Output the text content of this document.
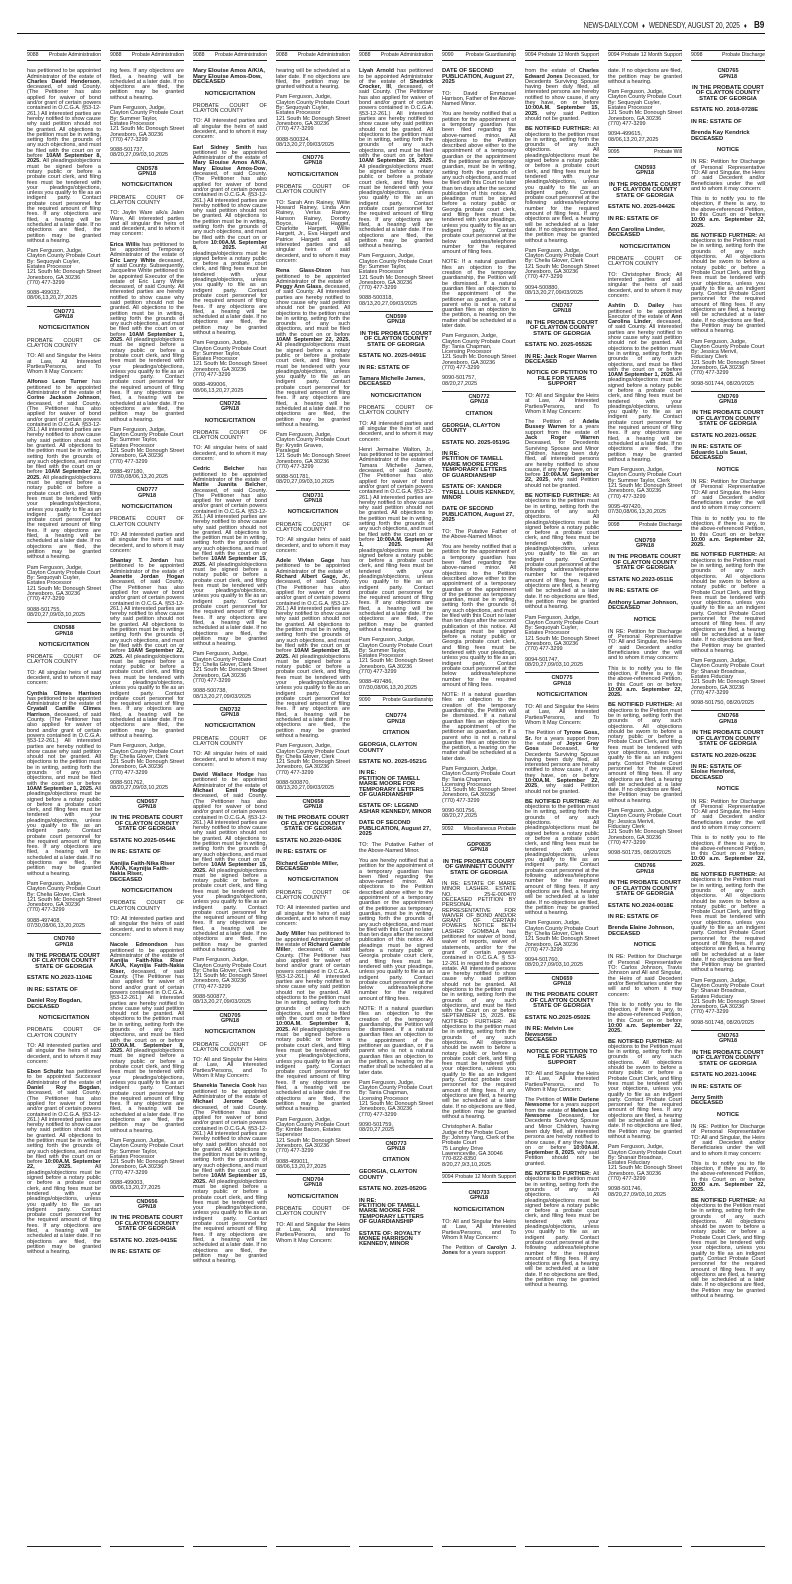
NEWS-DAILY.COM ♦ WEDNESDY, AUGUST 20, 2025 ♦ B9
9088 Probate Administration
has petitioned to be appointed Administrator of the estate of Charles David Henderson, deceased, of said County. (The Petitioner has also applied for waiver of bond and/or grant of certain powers contained in O.C.G.A. §53-12-261.) All interested parties are hereby notified to show cause why said petition should not be granted. All objections to the petition must be in writing, setting forth the grounds of any such objections, and must be filed with the court on or before 10AM September 8, 2025. All pleadings/objections must be signed before a notary public or before a probate court clerk, and filing fees must be tendered with your pleadings/objections, unless you qualify to file as an indigent party. Contact probate court personnel for the required amount of filing fees. If any objections are filed, a hearing will be scheduled at a later date. If no objections are filed, the petition may be granted without a hearing.
Pam Ferguson, Judge,
Clayton County Probate Court
By: Sequoyah Cuyler,
Estates Processor
121 South Mc Donough Street
Jonesboro, GA 30236
(770) 477-3299
9088-499032,
08/06,13,20,27,2025
CND771
GPN18
NOTICE/CITATION
PROBATE COURT OF CLAYTON COUNTY
TO: All and Singular the Heirs at Law, All Interested Parties/Persons, and To Whom It May Concern:
Alfonso Leon Turner has petitioned to be appointed Administrator of the estate of Corine Jackson Johnson, deceased, of said County. (The Petitioner has also applied for waiver of bond and/or grant of certain powers contained in O.C.G.A. §53-12-261.) All interested parties are hereby notified to show cause why said petition should not be granted. All objections to the petition must be in writing, setting forth the grounds of any such objections, and must be filed with the court on or before 10AM September 22, 2025. All pleadings/objections must be signed before a notary public or before a probate court clerk, and filing fees must be tendered with your pleadings/objections, unless you qualify to file as an indigent party. Contact probate court personnel for the required amount of filing fees. If any objections are filed, a hearing will be scheduled at a later date. If no objections are filed, the petition may be granted without a hearing.
Pam Ferguson, Judge,
Clayton County Probate Court
By: Sequoyah Cuyler,
Estates Processor
121 South Mc Donough Street
Jonesboro, GA 30236
(770) 477-3299
9088-501755,
08/20,27,09/03,10,2025
CND588
GPN18
NOTICE/CITATION
PROBATE COURT OF CLAYTON COUNTY
TO: All singular heirs of said decedent, and to whom it may concern:
Cynthia Climes Harrison has petitioned to be appointed Administrator of the estate of Cryatall Camille Climes Harrison, deceased, of said County. (The Petitioner has also applied for waiver of bond and/or grant of certain powers contained in O.C.G.A. §53-12-261.) All interested parties are hereby notified to show cause why said petition should not be granted. All objections to the petition must be in writing, setting forth the grounds of any such objections, and must be filed with the court on or before 10AM September 1, 2025. All pleadings/objections must be signed before a notary public or before a probate court clerk, and filing fees must be tendered with your pleadings/objections, unless you qualify to file as an indigent party. Contact probate court personnel for the required amount of filing fees. If any objections are filed, a hearing will be scheduled at a later date. If no objections are filed, the petition may be granted without a hearing.
Pam Ferguson, Judge,
Clayton County Probate Court
By: Chelia Glover, Clerk
121 South Mc Donough Street
Jonesboro, GA 30236
(770) 477-3299
9088-497408,
07/30,08/06,13,20,2025
CND760
GPN18
IN THE PROBATE COURT OF CLAYTON COUNTY
STATE OF GEORGIA
ESTATE NO.2023-1104E
IN RE: ESTATE OF
Daniel Roy Bogdan,
DECEASED
NOTICE/CITATION
PROBATE COURT OF CLAYTON COUNTY
TO: All interested parties and all singular the heirs of said decedent, and to whom it may concern:
Ebon Schultz has petitioned to be appointed Successor Administrator of the estate of Daniel Roy Bogdan, deceased, of said County. (The Petitioner has also applied for waiver of bond and/or grant of certain powers contained in O.C.G.A. §53-12-261.) All interested parties are hereby notified to show cause why said petition should not be granted. All objections to the petition must be in writing, setting forth the grounds of any such objections, and must be filed with the court on or before 10:00A.M. September 22, 2025. All pleadings/objections must be signed before a notary public or before a probate court clerk, and filing fees must be tendered with your pleadings/objections, unless you qualify to file as an indigent party. Contact probate court personnel for the required amount of filing fees. If any objections are filed, a hearing will be scheduled at a later date. If no objections are filed, the petition may be granted without a hearing.
9088 Probate Administration
ing fees. If any objections are filed, a hearing will be scheduled at a later date. If no objections are filed, the petition may be granted without a hearing.
Pam Ferguson, Judge,
Clayton County Probate Court
By: Summer Taylor,
Estates Processor
121 South Mc Donough Street
Jonesboro, GA 30236
(770) 477-3299
9088-501737,
08/20,27,09/03,10,2025
CND578
GPN18
NOTICE/CITATION
PROBATE COURT OF CLAYTON COUNTY
TO: Jaylin Ware a/k/a Jalen Ware, All interested parties and all singular the heirs of said decedent, and to whom it may concern:
Erica Willis has petitioned to be appointed Temporary Administrator of the estate of Eric Larry White deceased, of said County. Subsequently, Jacqueline White petitioned to be appointed Executor of the estate of Eric Larry White deceased, of said County. All interested parties are hereby notified to show cause why said petition should not be granted. All objections to the petition must be in writing, setting forth the grounds of any such objections, and must be filed with the court on or before 10AM September 1, 2025. All pleadings/objections must be signed before a notary public or before a probate court clerk, and filing fees must be tendered with your pleadings/objections, unless you qualify to file as an indigent party. Contact probate court personnel for the required amount of filing fees. If any objections are filed, a hearing will be scheduled at a later date. If no objections are filed, the petition may be granted without a hearing.
Pam Ferguson, Judge,
Clayton County Probate Court
By: Summer Taylor,
Estates Processor
121 South Mc Donough Street
Jonesboro, GA 30236
(770) 477-3299
9088-497180,
07/30,08/06,13,20,2025
CND777
GPN18
NOTICE/CITATION
PROBATE COURT OF CLAYTON COUNTY
TO: All interested parties and all singular the heirs of said decedent, and to whom it may concern:
Shantay T. Jordan has petitioned to be appointed Administrator of the estate of Jeanette Jordan Hogan deceased, of said County. (The Petitioner has also applied for waiver of bond and/or grant of certain powers contained in O.C.G.A. §53-12-261.) All interested parties are hereby notified to show cause why said petition should not be granted. All objections to the petition must be in writing, setting forth the grounds of any such objections, and must be filed with the court on or before 10AM September 22, 2025. All pleadings/objections must be signed before a notary public or before a probate court clerk, and filing fees must be tendered with your pleadings/objections, unless you qualify to file as an indigent party. Contact probate court personnel for the required amount of filing fees. If any objections are filed, a hearing will be scheduled at a later date. If no objections are filed, the petition may be granted without a hearing.
Pam Ferguson, Judge,
Clayton County Probate Court
By: Chelia Glover, Clerk
121 South Mc Donough Street
Jonesboro, GA 30236
(770) 477-3299
9088-501762,
08/20,27,09/03,10,2025
CND657
GPN18
IN THE PROBATE COURT OF CLAYTON COUNTY
STATE OF GEORGIA
ESTATE NO.2025-0544E
IN RE: ESTATE OF
Kanijia Faith-Nika Riser A/K/A, Kaynijia Faith-Nakia Riser,
DECEASED
NOTICE/CITATION
PROBATE COURT OF CLAYTON COUNTY
TO: All interested parties and all singular the heirs of said decedent, and to whom it may concern:
Nacole Edmondson has petitioned to be appointed Administrator of the estate of Kanijia Faith-Nika Riser A/K/A, Kaynijia Faith-Nakia Riser, deceased, of said County. (The Petitioner has also applied for waiver of bond and/or grant of certain powers contained in O.C.G.A. §53-12-261.) All interested parties are hereby notified to show cause why said petition should not be granted. All objections to the petition must be in writing, setting forth the grounds of any such objections, and must be filed with the court on or before 10:00A.M. September 8, 2025. All pleadings/objections must be signed before a notary public or before a probate court clerk, and filing fees must be tendered with your pleadings/objections, unless you qualify to file as an indigent party. Contact probate court personnel for the required amount of filing fees. If any objections are filed, a hearing will be scheduled at a later date. If no objections are filed, the petition may be granted without a hearing.
Pam Ferguson, Judge,
Clayton County Probate Court
By: Summer Taylor,
Estates Processor
121 South Mc Donough Street
Jonesboro, GA 30236
(770) 477-3299
9088-499003,
08/06,13,20,27,2025
CND656
GPN18
IN THE PROBATE COURT OF CLAYTON COUNTY
STATE OF GEORGIA
ESTATE NO. 2025-0415E
IN RE: ESTATE OF
9088 Probate Administration
Mary Elouise Amos A/K/A, Mary Elouise Amos-Dow,
DECEASED
NOTICE/CITATION
PROBATE COURT OF CLAYTON COUNTY
TO: All interested parties and all singular the heirs of said decedent, and to whom it may concern:
Earl Sidney Smith has petitioned to be appointed Administrator of the estate of Mary Elouise Amos A/K/A, Mary Elouise Amos-Dow, deceased, of said County. (The Petitioner has also applied for waiver of bond and/or grant of certain powers contained in O.C.G.A. §53-12-261.) All interested parties are hereby notified to show cause why said petition should not be granted. All objections to the petition must be in writing, setting forth the grounds of any such objections, and must be filed with the court on or before 10:00A.M. September 8, 2025. All pleadings/objections must be signed before a notary public or before a probate court clerk, and filing fees must be tendered with your pleadings/objections, unless you qualify to file as an indigent party. Contact probate court personnel for the required amount of filing fees. If any objections are filed, a hearing will be scheduled at a later date. If no objections are filed, the petition may be granted without a hearing.
Pam Ferguson, Judge,
Clayton County Probate Court
By: Summer Taylor,
Estates Processor
121 South Mc Donough Street
Jonesboro, GA 30236
(770) 477-3299
9088-499006,
08/06,13,20,27,2025
CND726
GPN18
NOTICE/CITATION
PROBATE COURT OF CLAYTON COUNTY
TO: All singular heirs of said decedent, and to whom it may concern:
Cedric Belcher has petitioned to be appointed Administrator of the estate of Mattie Juanita Belcher, deceased, of said County. (The Petitioner has also applied for waiver of bond and/or grant of certain powers contained in O.C.G.A. §53-12-261.) All interested parties are hereby notified to show cause why said petition should not be granted. All objections to the petition must be in writing, setting forth the grounds of any such objections, and must be filed with the court on or before 10AM September 15, 2025. All pleadings/objections must be signed before a notary public or before a probate court clerk, and filing fees must be tendered with your pleadings/objections, unless you qualify to file as an indigent party. Contact probate court personnel for the required amount of filing fees. If any objections are filed, a hearing will be scheduled at a later date. If no objections are filed, the petition may be granted without a hearing.
Pam Ferguson, Judge,
Clayton County Probate Court
By: Chelia Glover, Clerk
121 South Mc Donough Street
Jonesboro, GA 30236
(770) 477-3299
9088-500738,
08/13,20,27,09/03/2025
CND732
GPN18
NOTICE/CITATION
PROBATE COURT OF CLAYTON COUNTY
TO: All singular heirs of said decedent, and to whom it may concern:
David Wallace Hodge has petitioned to be appointed Administrator of the estate of Michael Emil Hodge deceased, of said County. (The Petitioner has also applied for waiver of bond and/or grant of certain powers contained in O.C.G.A. §53-12-261.) All interested parties are hereby notified to show cause why said petition should not be granted. All objections to the petition must be in writing, setting forth the grounds of any such objections, and must be filed with the court on or before 10AM September 15, 2025. All pleadings/objections must be signed before a notary public or before a probate court clerk, and filing fees must be tendered with your pleadings/objections, unless you qualify to file as an indigent party. Contact probate court personnel for the required amount of filing fees. If any objections are filed, a hearing will be scheduled at a later date. If no objections are filed, the petition may be granted without a hearing.
Pam Ferguson, Judge,
Clayton County Probate Court
By: Chelia Glover, Clerk
121 South Mc Donough Street
Jonesboro, GA 30236
(770) 477-3299
9088-500877,
08/13,20,27,09/03/2025
CND705
GPN18
NOTICE/CITATION
PROBATE COURT OF CLAYTON COUNTY
TO: All and Singular the Heirs at Law, All Interested Parties/Persons, and To Whom It May Concern:
Shanekia Tanecia Cook has petitioned to be appointed Administrator of the estate of Michael Jerome Cook deceased, of said County. (The Petitioner has also applied for waiver of bond and/or grant of certain powers contained in O.C.G.A. §53-12-261.) All interested parties are hereby notified to show cause why said petition should not be granted. All objections to the petition must be in writing, setting forth the grounds of any such objections, and must be filed with the court on or before 10AM September 15, 2025. All pleadings/objections must be signed before a notary public or before a probate court clerk, and filing fees must be tendered with your pleadings/objections, unless you qualify to file as an indigent party. Contact probate court personnel for the required amount of filing fees. If any objections are filed, a hearing will be scheduled at a later date. If no objections are filed, the petition may be granted without a hearing.
9088 Probate Administration
hearing will be scheduled at a later date. If no objections are filed, the petition may be granted without a hearing.
Pam Ferguson, Judge,
Clayton County Probate Court
By: Sequoyah Cuyler,
Estates Processor
121 South Mc Donough Street
Jonesboro, GA 30236
(770) 477-3299
9088-500324,
08/13,20,27,09/03/2025
CND776
GPN18
NOTICE/CITATION
PROBATE COURT OF CLAYTON COUNTY
TO: Sarah Ann Rainey, Willie Howard Rainey, Linda Ann Rainey, Verius Rainey, Hanson Rainey, Dorothy Boyce, Hazel Hagget, Charlotte Hargett, Willie Hargett, Jr., Eva Hargett and Patrice Hargett and all interested parties and all singular heirs of said decedent, and to whom it may concern:
Rena Glass-Dixon has petitioned to be appointed Administrator of the estate of Peggy Ann Glass, deceased, of said County. All interested parties are hereby notified to show cause why said petition should not be granted. All objections to the petition must be in writing, setting forth the grounds of any such objections, and must be filed with the court on or before 10AM September 22, 2025. All pleadings/objections must be signed before a notary public or before a probate court clerk, and filing fees must be tendered with your pleadings/objections, unless you qualify to file as an indigent party. Contact probate court personnel for the required amount of filing fees. If any objections are filed, a hearing will be scheduled at a later date. If no objections are filed, the petition may be granted without a hearing.
Pam Ferguson, Judge,
Clayton County Probate Court
By: Krystin Graves,
Paralegal
121 South Mc Donough Street
Jonesboro, GA 30236
(770) 477-3299
9088-501781,
08/20,27,09/03,10,2025
CND731
GPN18
NOTICE/CITATION
PROBATE COURT OF CLAYTON COUNTY
TO: All singular heirs of said decedent, and to whom it may concern:
Adele Vivian Gage has petitioned to be appointed Administrator of the estate of Richard Albert Gage, Jr., deceased, of said County. (The Petitioner has also applied for waiver of bond and/or grant of certain powers contained in O.C.G.A. §53-12-261.) All interested parties are hereby notified to show cause why said petition should not be granted. All objections to the petition must be in writing, setting forth the grounds of any such objections, and must be filed with the court on or before 10AM September 15, 2025. All pleadings/objections must be signed before a notary public or before a probate court clerk, and filing fees must be tendered with your pleadings/objections, unless you qualify to file as an indigent party. Contact probate court personnel for the required amount of filing fees. If any objections are filed, a hearing will be scheduled at a later date. If no objections are filed, the petition may be granted without a hearing.
Pam Ferguson, Judge,
Clayton County Probate Court
By: Chelia Glover, Clerk
121 South Mc Donough Street
Jonesboro, GA 30236
(770) 477-3299
9088-500870,
08/13,20,27,09/03/2025
CND658
GPN18
IN THE PROBATE COURT OF CLAYTON COUNTY
STATE OF GEORGIA
ESTATE NO.2020-0430E
IN RE: ESTATE OF
Richard Gamble Miller,
DECEASED
NOTICE/CITATION
PROBATE COURT OF CLAYTON COUNTY
TO: All interested parties and all singular the heirs of said decedent, and to whom it may concern:
Judy Miller has petitioned to be appointed Administrator of the estate of Richard Gamble Miller, deceased, of said County. (The Petitioner has also applied for waiver of bond and/or grant of certain powers contained in O.C.G.A. §53-12-261.) All interested parties are hereby notified to show cause why said petition should not be granted. All objections to the petition must be in writing, setting forth the grounds of any such objections, and must be filed with the court on or before 10:00A.M. September 8, 2025. All pleadings/objections must be signed before a notary public or before a probate court clerk, and filing fees must be tendered with your pleadings/objections, unless you qualify to file as an indigent party. Contact probate court personnel for the required amount of filing fees. If any objections are filed, a hearing will be scheduled at a later date. If no objections are filed, the petition may be granted without a hearing.
Pam Ferguson, Judge,
Clayton County Probate Court
By: Kimble Bacon, Estates Supervisor
121 South Mc Donough Street
Jonesboro, GA 30236
(770) 477-3299
9088-499011,
08/06,13,20,27,2025
CND704
GPN18
NOTICE/CITATION
PROBATE COURT OF CLAYTON COUNTY
TO: All and Singular the Heirs at Law, All Interested Parties/Persons, and To Whom It May Concern:
9088 Probate Administration
Liyah Arnold has petitioned to be appointed Administrator of the estate of Shedrick Crocker, III, deceased, of said County. (The Petitioner has also applied for waiver of bond and/or grant of certain powers contained in O.C.G.A. §53-12-261.) All interested parties are hereby notified to show cause why said petition should not be granted. All objections to the petition must be in writing, setting forth the grounds of any such objections, and must be filed with the court on or before 10AM September 15, 2025. All pleadings/objections must be signed before a notary public or before a probate court clerk, and filing fees must be tendered with your pleadings/objections, unless you qualify to file as an indigent party. Contact probate court personnel for the required amount of filing fees. If any objections are filed, a hearing will be scheduled at a later date. If no objections are filed, the petition may be granted without a hearing.
Pam Ferguson, Judge,
Clayton County Probate Court
By: Summer Taylor,
Estates Processor
121 South Mc Donough Street
Jonesboro, GA 30236
(770) 477-3299
9088-500318,
08/13,20,27,09/03/2025
CND599
GPN18
IN THE PROBATE COURT OF CLAYTON COUNTY
STATE OF GEORGIA
ESTATE NO. 2025-0491E
IN RE: ESTATE OF
Tamara Michelle James,
DECEASED
NOTICE/CITATION
PROBATE COURT OF CLAYTON COUNTY
TO: All interested parties and all singular the heirs of said decedent, and to whom it may concern:
Henri Jermaine Walton, Jr., has petitioned to be appointed Administrator of the estate of Tamara Michelle James, deceased, of said County. (The Petitioner has also applied for waiver of bond and/or grant of certain powers contained in O.C.G.A. §53-12-261.) All interested parties are hereby notified to show cause why said petition should not be granted. All objections to the petition must be in writing, setting forth the grounds of any such objections, and must be filed with the court on or before 10:00A.M. September 1, 2025. All pleadings/objections must be signed before a notary public or before a probate court clerk, and filing fees must be tendered with your pleadings/objections, unless you qualify to file as an indigent party. Contact probate court personnel for the required amount of filing fees. If any objections are filed, a hearing will be scheduled at a later date. If no objections are filed, the petition may be granted without a hearing.
Pam Ferguson, Judge,
Clayton County Probate Court
By: Summer Taylor,
Estates Processor
121 South Mc Donough Street
Jonesboro, GA 30236
(770) 477-3299
9088-497486,
07/30,08/06,13,20,2025
9090 Probate Guardianship
CND774
GPN18
CITATION
GEORGIA, CLAYTON COUNTY
ESTATE NO. 2025-0521G
IN RE:
PETITION OF TAMELL MARIE MOORE FOR TEMPORARY LETTERS OF GUARDIANSHIP
ESTATE OF: LEGEND ASHAR KENNEDY, MINOR
DATE OF SECOND PUBLICATION, August 27, 2025
TO: The Putative Father of the Above-Named Minor.
You are hereby notified that a petition for the appointment of a temporary guardian has been filed regarding the above-named minor. All objections to the Petition described above either to the appointment of a temporary guardian or the appointment of the petitioner as temporary guardian, must be in writing, setting forth the grounds of any such objections, and must be filed with this Court no later than ten days after the second publication of this notice. All pleadings must be signed before a notary public or Georgia probate court clerk, and filing fees must be tendered with your pleadings, unless you qualify to file as an indigent party. Contact probate court personnel at the below address/telephone number for the required amount of filing fees.
NOTE: If a natural guardian files an objection to the creation of the temporary guardianship, the Petition will be dismissed. If a natural guardian files an objection to the appointment of the petitioner as guardian, or if a parent who is not a natural guardian files an objection to the petition, a hearing on the matter shall be scheduled at a later date.
Pam Ferguson, Judge,
Clayton County Probate Court
By: Tania Chapman,
Licensing Processor
121 South Mc Donough Street
Jonesboro, GA 30236
(770) 477-3299
9090-501759,
08/20,27,2025
CND773
GPN18
CITATION
GEORGIA, CLAYTON COUNTY
ESTATE NO. 2025-0520G
IN RE:
PETITION OF TAMELL MARIE MOORE FOR TEMPORARY LETTERS OF GUARDIANSHIP
ESTATE OF: ROYALTY MONEE HARRISON KENNEDY, MINOR
9090 Probate Guardianship
DATE OF SECOND PUBLICATION, August 27, 2025
TO: David Emmanuel Harrison, Father of the Above-Named Minor.
You are hereby notified that a petition for the appointment of a temporary guardian has been filed regarding the above-named minor. All objections to the Petition described above either to the appointment of a temporary guardian or the appointment of the petitioner as temporary guardian, must be in writing, setting forth the grounds of any such objections, and must be filed with this Court no later than ten days after the second publication of this notice. All pleadings must be signed before a notary public or Georgia probate court clerk, and filing fees must be tendered with your pleadings, unless you qualify to file as an indigent party. Contact probate court personnel at the below address/telephone number for the required amount of filing fees.
NOTE: If a natural guardian files an objection to the creation of the temporary guardianship, the Petition will be dismissed. If a natural guardian files an objection to the appointment of the petitioner as guardian, or if a parent who is not a natural guardian files an objection to the petition, a hearing on the matter shall be scheduled at a later date.
Pam Ferguson, Judge,
Clayton County Probate Court
By: Tania Chapman,
Licensing Processor
121 South Mc Donough Street
Jonesboro, GA 30236
(770) 477-3299
9090-501757,
08/20,27,2025
CND772
GPN18
CITATION
GEORGIA, CLAYTON COUNTY
ESTATE NO. 2025-0519G
IN RE:
PETITION OF TAMELL MARIE MOORE FOR TEMPORARY LETTERS OF GUARDIANSHIP
ESTATE OF: XANDER TYRELL LOUIS KENNEDY, MINOR
DATE OF SECOND PUBLICATION, August 27, 2025
TO: The Putative Father of the Above-Named Minor.
You are hereby notified that a petition for the appointment of a temporary guardian has been filed regarding the above-named minor. All objections to the Petition described above either to the appointment of a temporary guardian or the appointment of the petitioner as temporary guardian, must be in writing, setting forth the grounds of any such objections, and must be filed with this Court no later than ten days after the second publication of this notice. All pleadings must be signed before a notary public or Georgia probate court clerk, and filing fees must be tendered with your pleadings, unless you qualify to file as an indigent party. Contact probate court personnel at the below address/telephone number for the required amount of filing fees.
NOTE: If a natural guardian files an objection to the creation of the temporary guardianship, the Petition will be dismissed. If a natural guardian files an objection to the appointment of the petitioner as guardian, or if a parent who is not a natural guardian files an objection to the petition, a hearing on the matter shall be scheduled at a later date.
Pam Ferguson, Judge,
Clayton County Probate Court
By: Tania Chapman,
Licensing Processor
121 South Mc Donough Street
Jonesboro, GA 30236
(770) 477-3299
9090-501756,
08/20,27,2025
9092 Miscellaneous Probate
GDP0835
GPN18
IN THE PROBATE COURT OF GWINNETT COUNTY
STATE OF GEORGIA
IN RE: ESTATE OF MARIE MINOR LASHER. ESTATE NO. 25-E-000470 DECEASED PETITION BY PERSONAL REPRESENTATIVE FOR WAIVER OF BOND AND/OR GRANT OF CERTAIN POWERS NOTICE BETH LASHER GOMBALA has petitioned for waiver of bond, waiver of reports, waiver of statements, and/or for the grant of certain powers contained in O.C.G.A. § 53-12-261 in regard to the above estate. All interested persons are hereby notified to show cause why said petition should not be granted. All objections to the petition must be in writing, setting forth the grounds of any such objections, and must be filed with the Court on or before SEPTEMBER 15, 2025. BE NOTIFIED FURTHER: All objections to the petition must be in writing, setting forth the grounds of any such objections. All objections should be sworn to before a notary public or before a probate court clerk, and filing fees must be tendered with your objections, unless you qualify to file as an indigent party. Contact probate court personnel for the required amount of filing fees. If any objections are filed, a hearing will be scheduled at a later date. If no objections are filed, the petition may be granted without a hearing.
Christopher A. Ballar
Judge of the Probate Court
By: Johnny Yang, Clerk of the Probate Court
75 Langley Drive
Lawrenceville, GA 30046
770-822-8350
8/20,27,9/3,10,2025
9094 Probate 12 Month Support
CND733
GPN18
NOTICE/CITATION
TO: All and Singular the Heirs at Law, All Interested Parties/Persons, and To Whom It May Concern:
The Petition of Carolyn J. Jones for a years support
9094 Probate 12 Month Support
from the estate of Charles Edward Jones Deceased, for Decedents Surviving Spouse having been duly filed, all interested persons are hereby notified to show cause, if any they have, on or before 10:00A.M. September 15, 2025, why said Petition should not be granted.
BE NOTIFIED FURTHER: All objections to the petition must be in writing, setting forth the grounds of any such objections. All pleadings/objections must be signed before a notary public or before a probate court clerk, and filing fees must be tendered with your pleadings/objections, unless you qualify to file as an indigent party. Contact probate court personnel at the following address/telephone number for the required amount of filing fees. If any objections are filed, a hearing will be scheduled at a later date. If no objections are filed, the petition may be granted without a hearing.
Pam Ferguson, Judge,
Clayton County Probate Court
By: Chelia Glover, Clerk
121 South Mc Donough Street
Jonesboro, GA 30236
(770) 477-3299
9094-500880,
08/13,20,27,09/03/2025
CND767
GPN18
IN THE PROBATE COURT OF CLAYTON COUNTY
STATE OF GEORGIA
ESTATE NO. 2025-0552E
IN RE: Jack Roger Warren
DECEASED
NOTICE OF PETITION TO FILE FOR YEARS SUPPORT
TO: All and Singular the Heirs at Law, All Interested Parties/Persons, and To Whom It May Concern:
The Petition of Adelia Bussey Warren for a years support from the estate of Jack Roger Warren Deceased, for Decedents Surviving Spouse and Minor Children, having been duly filed, all interested persons are hereby notified to show cause, if any they have, on or before 10:00A.M. September 22, 2025, why said Petition should not be granted.
BE NOTIFIED FURTHER: All objections to the petition must be in writing, setting forth the grounds of any such objections. All pleadings/objections must be signed before a notary public or before a probate court clerk, and filing fees must be tendered with your pleadings/objections, unless you qualify to file as an indigent party. Contact probate court personnel at the following address/telephone number for the required amount of filing fees. If any objections are filed, a hearing will be scheduled at a later date. If no objections are filed, the petition may be granted without a hearing.
Pam Ferguson, Judge,
Clayton County Probate Court
By: Sequoyah Cuyler,
Estates Processor
121 South Mc Donough Street
Jonesboro, GA 30236
(770) 477-3299
9094-501747,
08/20,27,09/03,10,2025
CND775
GPN18
NOTICE/CITATION
TO: All and Singular the Heirs at Law, All Interested Parties/Persons, and To Whom It May Concern:
The Petition of Tyrone Goss, Sr. for a years support from the estate of Joyce Gray Goss Deceased, for Decedents Surviving Spouse having been duly filed, all interested persons are hereby notified to show cause, if any they have, on or before 10:00A.M. September 22, 2025, why said Petition should not be granted.
BE NOTIFIED FURTHER: All objections to the petition must be in writing, setting forth the grounds of any such objections. All pleadings/objections must be signed before a notary public or before a probate court clerk, and filing fees must be tendered with your pleadings/objections, unless you qualify to file as an indigent party. Contact probate court personnel at the following address/telephone number for the required amount of filing fees. If any objections are filed, a hearing will be scheduled at a later date. If no objections are filed, the petition may be granted without a hearing.
Pam Ferguson, Judge,
Clayton County Probate Court
By: Chelia Glover, Clerk
121 South Mc Donough Street
Jonesboro, GA 30236
(770) 477-3299
9094-501760,
08/20,27,09/03,10,2025
CND659
GPN18
IN THE PROBATE COURT OF CLAYTON COUNTY
STATE OF GEORGIA
ESTATE NO.2025-0502E
IN RE: Melvin Lee Newsome
DECEASED
NOTICE OF PETITION TO FILE FOR YEARS SUPPORT
TO: All and Singular the Heirs at Law, All Interested Parties/Persons, and To Whom It May Concern:
The Petition of Willie Darlene Newsome for a years support from the estate of Melvin Lee Newsome Deceased, for Decedents Surviving Spouse and Minor Children, having been duly filed, all interested persons are hereby notified to show cause, if any they have, on or before 10:00A.M. September 8, 2025, why said Petition should not be granted.
BE NOTIFIED FURTHER: All objections to the petition must be in writing, setting forth the grounds of any such objections. All pleadings/objections must be signed before a notary public or before a probate court clerk, and filing fees must be tendered with your pleadings/objections, unless you qualify to file as an indigent party. Contact probate court personnel at the following address/telephone number for the required amount of filing fees. If any objections are filed, a hearing will be scheduled at a later date. If no objections are filed, the petition may be granted without a hearing.
9094 Probate 12 Month Support
date. If no objections are filed, the petition may be granted without a hearing.
Pam Ferguson, Judge,
Clayton County Probate Court
By: Sequoyah Cuyler,
Estates Processor
121 South Mc Donough Street
Jonesboro, GA 30236
(770) 477-3299
9094-499615,
08/06,13,20,27,2025
9095	Probate Will
CND593
GPN18
IN THE PROBATE COURT OF CLAYTON COUNTY
STATE OF GEORGIA
ESTATE NO. 2025-0442E
IN RE: ESTATE OF
Ann Carolina Linder,
DECEASED
NOTICE/CITATION
PROBATE COURT OF CLAYTON COUNTY
TO: Christopher Brock; All interested parties and all singular the heirs of said decedent, and to whom it may concern:
Ashtin D. Dailey has petitioned to be appointed Executor of the estate of Ann Carolina Linder, deceased, of said County. All interested parties are hereby notified to show cause why said petition should not be granted. All objections to the petition must be in writing, setting forth the grounds of any such objections, and must be filed with the court on or before 10AM September 1, 2025. All pleadings/objections must be signed before a notary public or before a probate court clerk, and filing fees must be tendered with your pleadings/objections, unless you qualify to file as an indigent party. Contact probate court personnel for the required amount of filing fees. If any objections are filed, a hearing will be scheduled at a later date. If no objections are filed, the petition may be granted without a hearing.
Pam Ferguson, Judge,
Clayton County Probate Court
By: Summer Taylor, Clerk
121 South Mc Donough Street
Jonesboro, GA 30236
(770) 477-3299
9095-497420,
07/30,08/06,13,20,2025
9098	Probate Discharge
CND759
GPN18
IN THE PROBATE COURT OF CLAYTON COUNTY
STATE OF GEORGIA
ESTATE NO.2023-0511E
IN RE: ESTATE OF
Anthony Lamar Johnson,
DECEASED
NOTICE
IN RE: Petition for Discharge of Personal Representative TO: All and Singular, the Heirs of said Decedent and/or Beneficiaries under the will and to whom it may concern:
This is to notify you to file objection, if there is any, to the above-referenced Petition, in this Court on or before 10:00 a.m. September 22, 2025.
BE NOTIFIED FURTHER: All objections to the Petition must be in writing, setting forth the grounds of any such objections. All objections should be sworn to before a notary public or before a Probate Court Clerk, and filing fees must be tendered with your objections, unless you qualify to file as an indigent party. Contact Probate Court personnel for the required amount of filing fees. If any objections are filed, a hearing will be scheduled at a later date. If no objections are filed, the Petition may be granted without a hearing.
Pam Ferguson, Judge,
Clayton County Probate Court
By: Jessica Merivil,
Fiduciary Clerk
121 South Mc Donough Street
Jonesboro, GA 30236
(770) 477-3299
9098-501735, 08/20/2025
CND766
GPN18
IN THE PROBATE COURT OF CLAYTON COUNTY
STATE OF GEORGIA
ESTATE NO.2024-0018E
IN RE: ESTATE OF
Brenda Elaine Johnson,
DECEASED
NOTICE
IN RE: Petition for Discharge of Personal Representative TO: Carlos Johnson, Travis Johnson and All and Singular, the Heirs of said Decedent and/or Beneficiaries under the will and to whom it may concern:
This is to notify you to file objection, if there is any, to the above-referenced Petition, in this Court on or before 10:00 a.m. September 22, 2025.
BE NOTIFIED FURTHER: All objections to the Petition must be in writing, setting forth the grounds of any such objections. All objections should be sworn to before a notary public or before a Probate Court Clerk, and filing fees must be tendered with your objections, unless you qualify to file as an indigent party. Contact Probate Court personnel for the required amount of filing fees. If any objections are filed, a hearing will be scheduled at a later date. If no objections are filed, the Petition may be granted without a hearing.
Pam Ferguson, Judge,
Clayton County Probate Court
By: Shanair Broadnax,
Estates Fiduciary
121 South Mc Donough Street
Jonesboro, GA 30236
(770) 477-3299
9098-501746,
08/20,27,09/03,10,2025
9098	Probate Discharge
CND765
GPN18
IN THE PROBATE COURT OF CLAYTON COUNTY
STATE OF GEORGIA
ESTATE NO. 2018-0728E
IN RE: ESTATE OF
Brenda Kay Kendrick
DECEASED
NOTICE
IN RE: Petition for Discharge of Personal Representative TO: All and Singular, the Heirs of said Decedent and/or Beneficiaries under the will and to whom it may concern:
This is to notify you to file objection, if there is any, to the above-referenced Petition, in this Court on or before 10:00 a.m. September 22, 2025.
BE NOTIFIED FURTHER: All objections to the Petition must be in writing, setting forth the grounds of any such objections. All objections should be sworn to before a notary public or before a Probate Court Clerk, and filing fees must be tendered with your objections, unless you qualify to file as an indigent party. Contact Probate Court personnel for the required amount of filing fees. If any objections are filed, a hearing will be scheduled at a later date. If no objections are filed, the Petition may be granted without a hearing.
Pam Ferguson, Judge,
Clayton County Probate Court
By: Jessica Merivil,
Fiduciary Clerk
121 South Mc Donough Street
Jonesboro, GA 30236
(770) 477-3299
9098-501744, 08/20/2025
CND769
GPN18
IN THE PROBATE COURT OF CLAYTON COUNTY
STATE OF GEORGIA
ESTATE NO.2021-0652E
IN RE: ESTATE OF
Eduardo Luis Sauat,
DECEASED
NOTICE
IN RE: Petition for Discharge of Personal Representative TO: All and Singular, the Heirs of said Decedent and/or Beneficiaries under the will and to whom it may concern:
This is to notify you to file objection, if there is any, to the above-referenced Petition, in this Court on or before 10:00 a.m. September 22, 2025.
BE NOTIFIED FURTHER: All objections to the Petition must be in writing, setting forth the grounds of any such objections. All objections should be sworn to before a notary public or before a Probate Court Clerk, and filing fees must be tendered with your objections, unless you qualify to file as an indigent party. Contact Probate Court personnel for the required amount of filing fees. If any objections are filed, a hearing will be scheduled at a later date. If no objections are filed, the Petition may be granted without a hearing.
Pam Ferguson, Judge,
Clayton County Probate Court
By: Shanair Broadnax,
Estates Fiduciary
121 South Mc Donough Street
Jonesboro, GA 30236
(770) 477-3299
9098-501750, 08/20/2025
CND768
GPN18
IN THE PROBATE COURT OF CLAYTON COUNTY
STATE OF GEORGIA
ESTATE NO.2020-0623E
IN RE: ESTATE OF
Eloise Hereford,
DECEASED
NOTICE
IN RE: Petition for Discharge of Personal Representative TO: All and Singular, the Heirs of said Decedent and/or Beneficiaries under the will and to whom it may concern:
This is to notify you to file objection, if there is any, to the above-referenced Petition, in this Court on or before 10:00 a.m. September 22, 2025.
BE NOTIFIED FURTHER: All objections to the Petition must be in writing, setting forth the grounds of any such objections. All objections should be sworn to before a notary public or before a Probate Court Clerk, and filing fees must be tendered with your objections, unless you qualify to file as an indigent party. Contact Probate Court personnel for the required amount of filing fees. If any objections are filed, a hearing will be scheduled at a later date. If no objections are filed, the Petition may be granted without a hearing.
Pam Ferguson, Judge,
Clayton County Probate Court
By: Shanair Broadnax,
Estates Fiduciary
121 South Mc Donough Street
Jonesboro, GA 30236
(770) 477-3299
9098-501748, 08/20/2025
CND763
GPN18
IN THE PROBATE COURT OF CLAYTON COUNTY
STATE OF GEORGIA
ESTATE NO.2021-1004E
IN RE: ESTATE OF
Jerry Smith
DECEASED
NOTICE
IN RE: Petition for Discharge of Personal Representative TO: All and Singular, the Heirs of said Decedent and/or Beneficiaries under the will and to whom it may concern:
This is to notify you to file objection, if there is any, to the above-referenced Petition, in this Court on or before 10:00 a.m. September 22, 2025.
BE NOTIFIED FURTHER: All objections to the Petition must be in writing, setting forth the grounds of any such objections. All objections should be sworn to before a notary public or before a Probate Court Clerk, and filing fees must be tendered with your objections, unless you qualify to file as an indigent party. Contact Probate Court personnel for the required amount of filing fees. If any objections are filed, a hearing will be scheduled at a later date. If no objections are filed, the Petition may be granted without a hearing.
